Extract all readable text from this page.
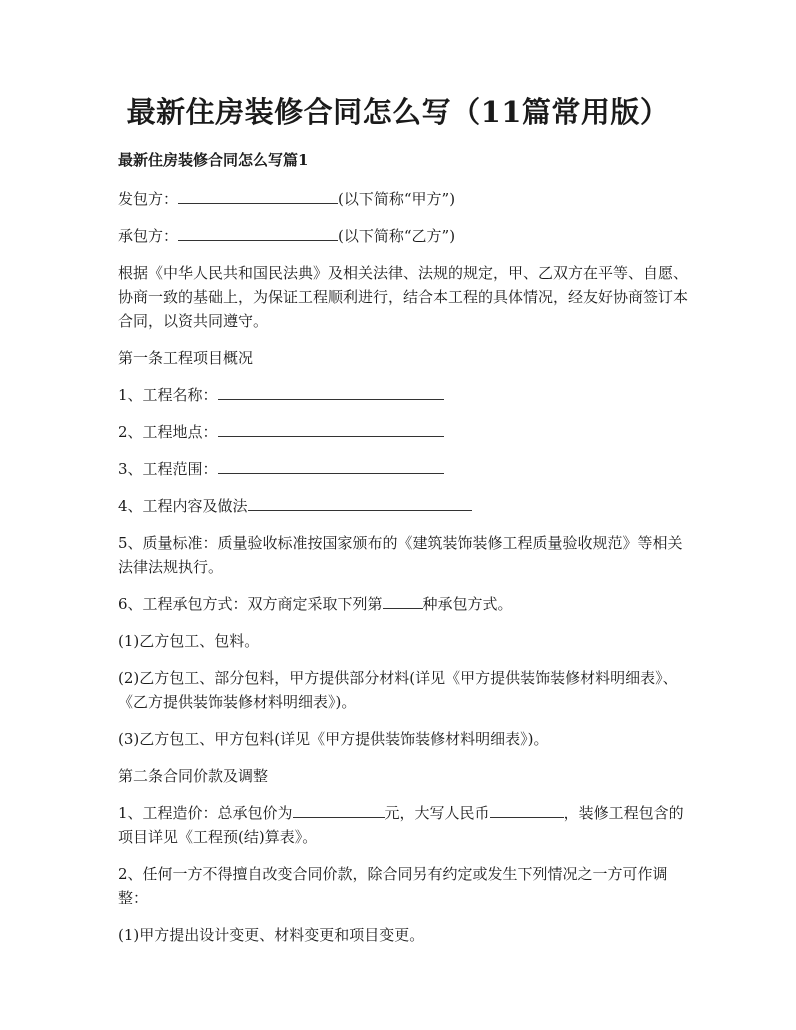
最新住房装修合同怎么写（11篇常用版）

最新住房装修合同怎么写篇1

发包方：	(以下简称“甲方”)

承包方：	(以下简称“乙方”)

根据《中华人民共和国民法典》及相关法律、法规的规定，甲、乙双方在平等、自愿、协商一致的基础上，为保证工程顺利进行，结合本工程的具体情况，经友好协商签订本合同，以资共同遵守。

第一条工程项目概况

1、工程名称：

2、工程地点：

3、工程范围：

4、工程内容及做法

5、质量标准：质量验收标准按国家颁布的《建筑装饰装修工程质量验收规范》等相关法律法规执行。

6、工程承包方式：双方商定采取下列第	种承包方式。

(1)乙方包工、包料。

(2)乙方包工、部分包料，甲方提供部分材料(详见《甲方提供装饰装修材料明细表》、《乙方提供装饰装修材料明细表》)。

(3)乙方包工、甲方包料(详见《甲方提供装饰装修材料明细表》)。

第二条合同价款及调整

1、工程造价：总承包价为	元，大写人民币	，装修工程包含的项目详见《工程预(结)算表》。

2、任何一方不得擅自改变合同价款，除合同另有约定或发生下列情况之一方可作调整：

(1)甲方提出设计变更、材料变更和项目变更。
